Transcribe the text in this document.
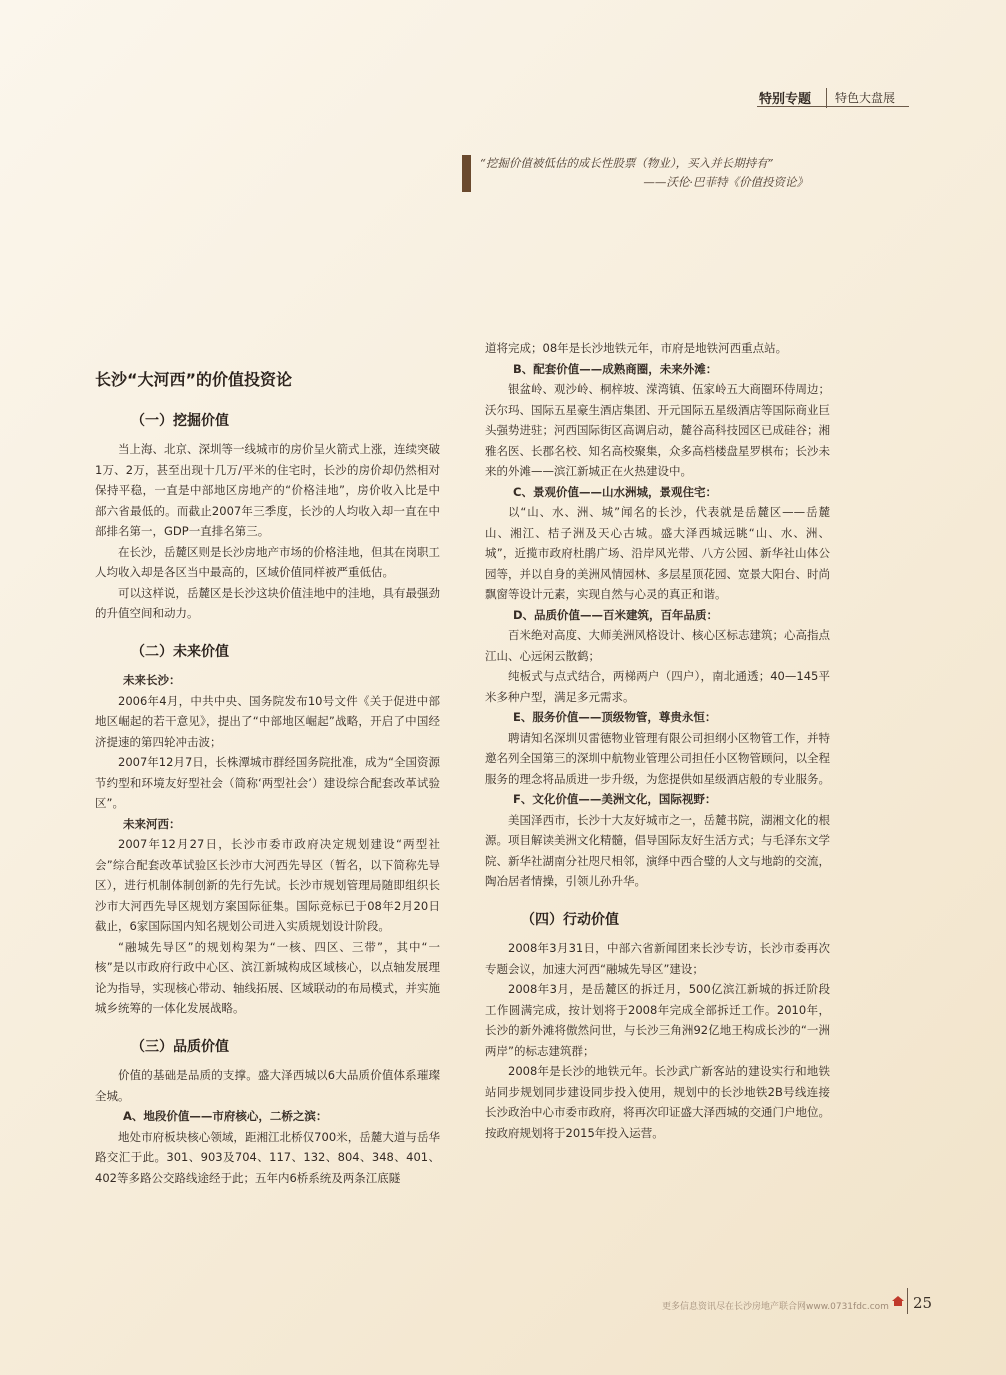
特别专题 特色大盘展
“挖掘价值被低估的成长性股票（物业），买入并长期持有”
——沃伦·巴菲特《价值投资论》
长沙“大河西”的价值投资论
（一）挖掘价值

当上海、北京、深圳等一线城市的房价呈火箭式上涨，连续突破1万、2万，甚至出现十几万/平米的住宅时，长沙的房价却仍然相对保持平稳，一直是中部地区房地产的“价格洼地”，房价收入比是中部六省最低的。而截止2007年三季度，长沙的人均收入却一直在中部排名第一，GDP一直排名第三。

在长沙，岳麓区则是长沙房地产市场的价格洼地，但其在岗职工人均收入却是各区当中最高的，区域价值同样被严重低估。

可以这样说，岳麓区是长沙这块价值洼地中的洼地，具有最强劲的升值空间和动力。

（二）未来价值

未来长沙：

2006年4月，中共中央、国务院发布10号文件《关于促进中部地区崛起的若干意见》，提出了“中部地区崛起”战略，开启了中国经济提速的第四轮冲击波；

2007年12月7日，长株潭城市群经国务院批准，成为“全国资源节约型和环境友好型社会（简称‘两型社会’）建设综合配套改革试验区”。

未来河西：

2007年12月27日，长沙市委市政府决定规划建设“两型社会”综合配套改革试验区长沙市大河西先导区（暂名，以下简称先导区），进行机制体制创新的先行先试。长沙市规划管理局随即组织长沙市大河西先导区规划方案国际征集。国际竞标已于08年2月20日截止，6家国际国内知名规划公司进入实质规划设计阶段。

“融城先导区”的规划构架为“一核、四区、三带”，其中“一核”是以市政府行政中心区、滨江新城构成区域核心，以点轴发展理论为指导，实现核心带动、轴线拓展、区域联动的布局模式，并实施城乡统筹的一体化发展战略。

（三）品质价值

价值的基础是品质的支撑。盛大泽西城以6大品质价值体系璀璨全城。

A、地段价值——市府核心，二桥之滨：

地处市府板块核心领域，距湘江北桥仅700米，岳麓大道与岳华路交汇于此。301、903及704、117、132、804、348、401、402等多路公交路线途经于此；五年内6桥系统及两条江底隧

道将完成；08年是长沙地铁元年，市府是地铁河西重点站。

B、配套价值——成熟商圈，未来外滩：

银盆岭、观沙岭、桐梓坡、溁湾镇、伍家岭五大商圈环侍周边；沃尔玛、国际五星豪生酒店集团、开元国际五星级酒店等国际商业巨头强势进驻；河西国际街区高调启动，麓谷高科技园区已成硅谷；湘雅名医、长郡名校、知名高校聚集，众多高档楼盘星罗棋布；长沙未来的外滩——滨江新城正在火热建设中。

C、景观价值——山水洲城，景观住宅：

以“山、水、洲、城”闻名的长沙，代表就是岳麓区——岳麓山、湘江、桔子洲及天心古城。盛大泽西城远眺“山、水、洲、城”，近揽市政府杜鹃广场、沿岸风光带、八方公园、新华社山体公园等，并以自身的美洲风情园林、多层星顶花园、宽景大阳台、时尚飘窗等设计元素，实现自然与心灵的真正和谐。

D、品质价值——百米建筑，百年品质：

百米绝对高度、大师美洲风格设计、核心区标志建筑；心高指点江山、心远闲云散鹤；

纯板式与点式结合，两梯两户（四户），南北通透；40—145平米多种户型，满足多元需求。

E、服务价值——顶级物管，尊贵永恒：

聘请知名深圳贝雷德物业管理有限公司担纲小区物管工作，并特邀名列全国第三的深圳中航物业管理公司担任小区物管顾问，以全程服务的理念将品质进一步升级，为您提供如星级酒店般的专业服务。

F、文化价值——美洲文化，国际视野：

美国泽西市，长沙十大友好城市之一，岳麓书院，湖湘文化的根源。项目解读美洲文化精髓，倡导国际友好生活方式；与毛泽东文学院、新华社湖南分社咫尺相邻，演绎中西合璧的人文与地韵的交流，陶冶居者情操，引领儿孙升华。

（四）行动价值

2008年3月31日，中部六省新闻团来长沙专访，长沙市委再次专题会议，加速大河西“融城先导区”建设；

2008年3月，是岳麓区的拆迁月，500亿滨江新城的拆迁阶段工作圆满完成，按计划将于2008年完成全部拆迁工作。2010年，长沙的新外滩将傲然问世，与长沙三角洲92亿地王构成长沙的“一洲两岸”的标志建筑群；

2008年是长沙的地铁元年。长沙武广新客站的建设实行和地铁站同步规划同步建设同步投入使用，规划中的长沙地铁2B号线连接长沙政治中心市委市政府，将再次印证盛大泽西城的交通门户地位。按政府规划将于2015年投入运营。

更多信息资讯尽在长沙房地产联合网www.0731fdc.com 25
